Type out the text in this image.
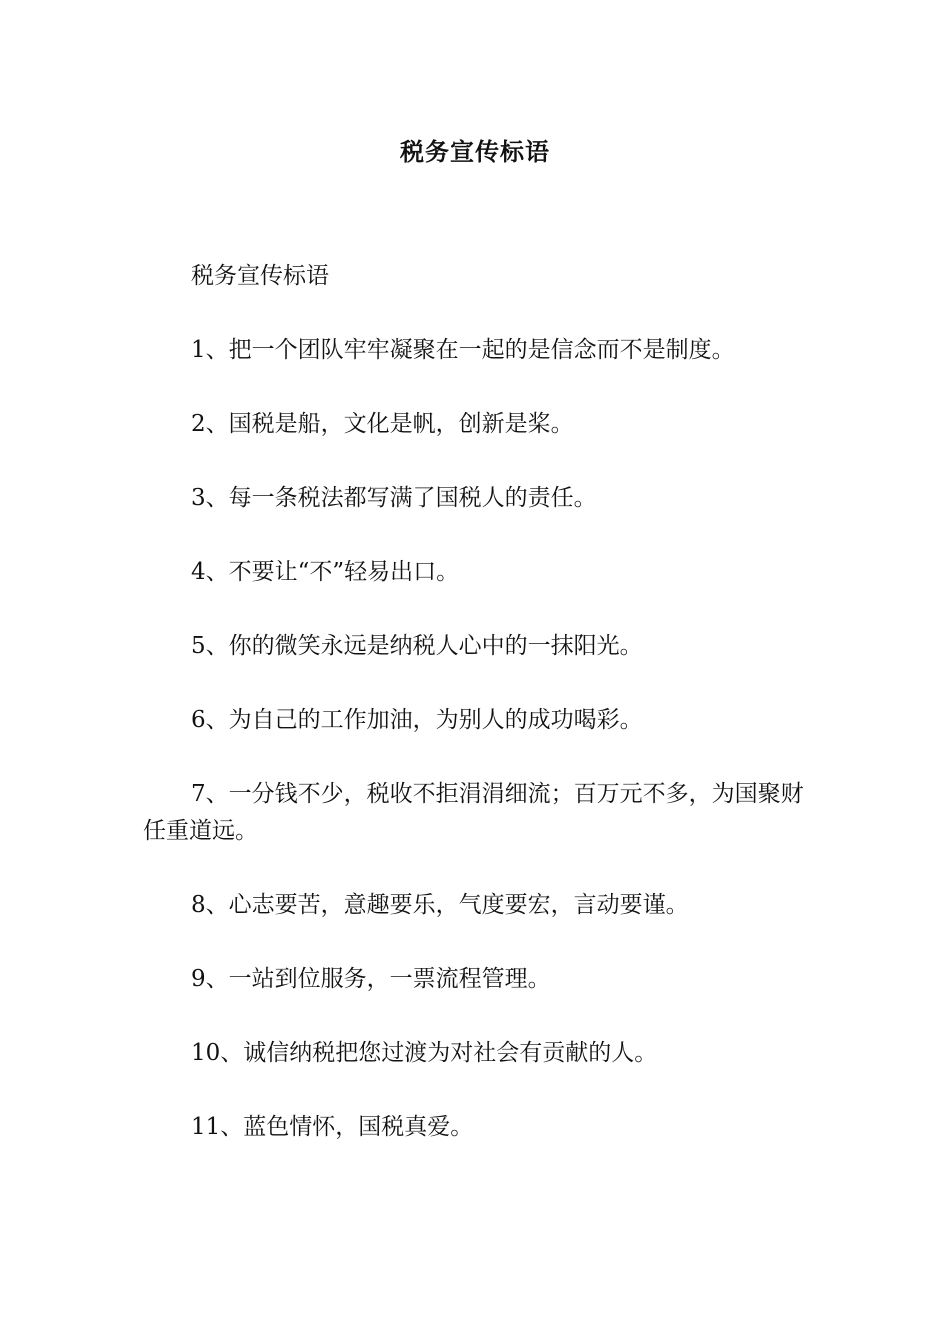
税务宣传标语

税务宣传标语

1、把一个团队牢牢凝聚在一起的是信念而不是制度。

2、国税是船，文化是帆，创新是桨。

3、每一条税法都写满了国税人的责任。

4、不要让“不”轻易出口。

5、你的微笑永远是纳税人心中的一抹阳光。

6、为自己的工作加油，为别人的成功喝彩。

7、一分钱不少，税收不拒涓涓细流；百万元不多，为国聚财任重道远。

8、心志要苦，意趣要乐，气度要宏，言动要谨。

9、一站到位服务，一票流程管理。

10、诚信纳税把您过渡为对社会有贡献的人。

11、蓝色情怀，国税真爱。
